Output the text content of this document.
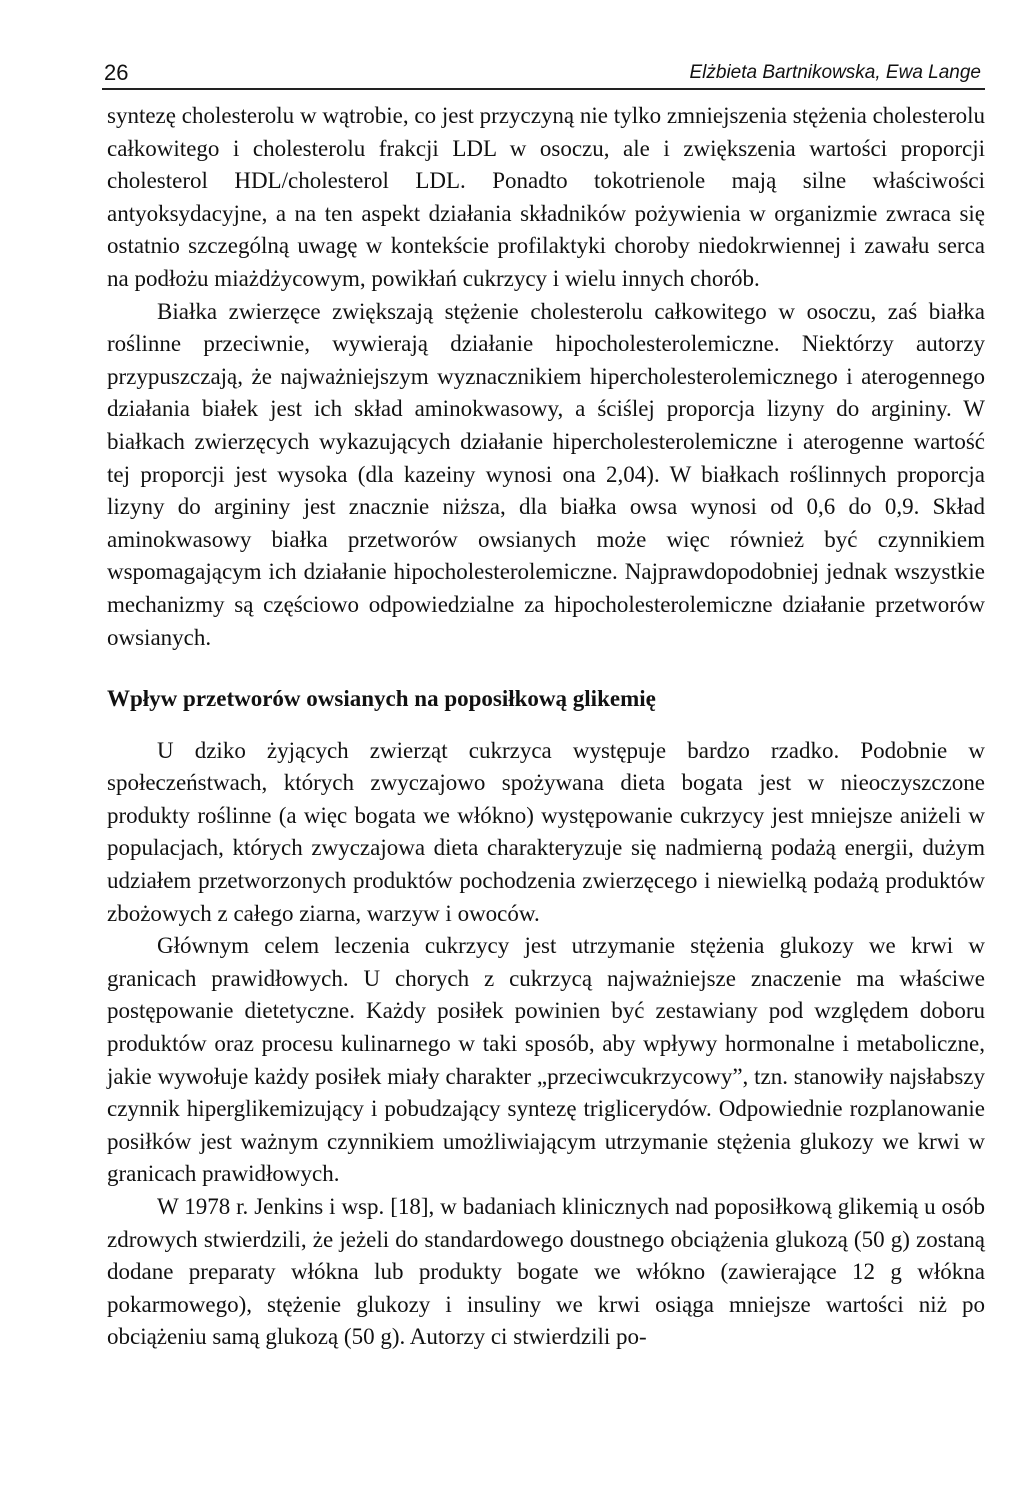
26	Elżbieta Bartnikowska, Ewa Lange

syntezę cholesterolu w wątrobie, co jest przyczyną nie tylko zmniejszenia stężenia cholesterolu całkowitego i cholesterolu frakcji LDL w osoczu, ale i zwiększenia wartości proporcji cholesterol HDL/cholesterol LDL. Ponadto tokotrienole mają silne właściwości antyoksydacyjne, a na ten aspekt działania składników pożywienia w organizmie zwraca się ostatnio szczególną uwagę w kontekście profilaktyki choroby niedokrwiennej i zawału serca na podłożu miażdżycowym, powikłań cukrzycy i wielu innych chorób.

Białka zwierzęce zwiększają stężenie cholesterolu całkowitego w osoczu, zaś białka roślinne przeciwnie, wywierają działanie hipocholesterolemiczne. Niektórzy autorzy przypuszczają, że najważniejszym wyznacznikiem hipercholesterolemicznego i aterogennego działania białek jest ich skład aminokwasowy, a ściślej proporcja lizyny do argininy. W białkach zwierzęcych wykazujących działanie hipercholesterolemiczne i aterogenne wartość tej proporcji jest wysoka (dla kazeiny wynosi ona 2,04). W białkach roślinnych proporcja lizyny do argininy jest znacznie niższa, dla białka owsa wynosi od 0,6 do 0,9. Skład aminokwasowy białka przetworów owsianych może więc również być czynnikiem wspomagającym ich działanie hipocholesterolemiczne. Najprawdopodobniej jednak wszystkie mechanizmy są częściowo odpowiedzialne za hipocholesterolemiczne działanie przetworów owsianych.

Wpływ przetworów owsianych na poposiłkową glikemię

U dziko żyjących zwierząt cukrzyca występuje bardzo rzadko. Podobnie w społeczeństwach, których zwyczajowo spożywana dieta bogata jest w nieoczyszczone produkty roślinne (a więc bogata we włókno) występowanie cukrzycy jest mniejsze aniżeli w populacjach, których zwyczajowa dieta charakteryzuje się nadmierną podażą energii, dużym udziałem przetworzonych produktów pochodzenia zwierzęcego i niewielką podażą produktów zbożowych z całego ziarna, warzyw i owoców.

Głównym celem leczenia cukrzycy jest utrzymanie stężenia glukozy we krwi w granicach prawidłowych. U chorych z cukrzycą najważniejsze znaczenie ma właściwe postępowanie dietetyczne. Każdy posiłek powinien być zestawiany pod względem doboru produktów oraz procesu kulinarnego w taki sposób, aby wpływy hormonalne i metaboliczne, jakie wywołuje każdy posiłek miały charakter „przeciwcukrzycowy”, tzn. stanowiły najsłabszy czynnik hiperglikemizujący i pobudzający syntezę triglicerydów. Odpowiednie rozplanowanie posiłków jest ważnym czynnikiem umożliwiającym utrzymanie stężenia glukozy we krwi w granicach prawidłowych.

W 1978 r. Jenkins i wsp. [18], w badaniach klinicznych nad poposiłkową glikemią u osób zdrowych stwierdzili, że jeżeli do standardowego doustnego obciążenia glukozą (50 g) zostaną dodane preparaty włókna lub produkty bogate we włókno (zawierające 12 g włókna pokarmowego), stężenie glukozy i insuliny we krwi osiąga mniejsze wartości niż po obciążeniu samą glukozą (50 g). Autorzy ci stwierdzili po-
